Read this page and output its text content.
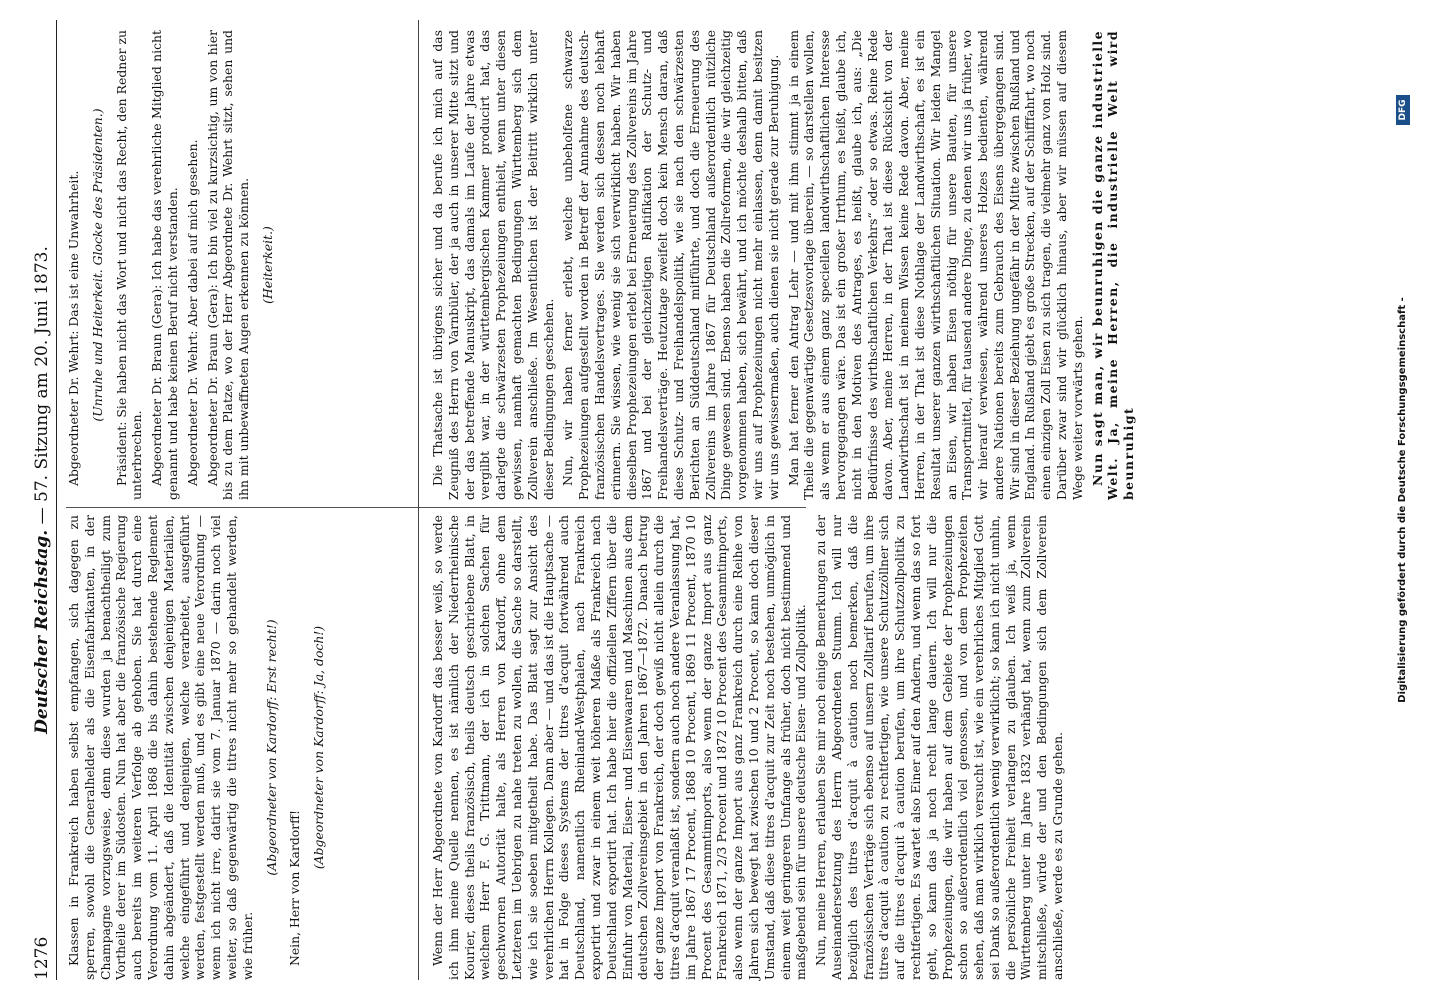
1276
Deutscher Reichstag. — 57. Sitzung am 20. Juni 1873.

Klassen in Frankreich haben selbst empfangen, sich dagegen zu sperren, sowohl die Generalhelder als die Eisenfabrikanten, in der Champagne vorzugsweise, denn diese wurden ja benachtheiligt zum Vortheile derer im Südosten. Nun hat aber die französische Regierung auch bereits im weiteren Verfolge ab gehoben. Sie hat durch eine Verordnung vom 11. April 1868 die bis dahin bestehende Reglement dahin abgeändert, daß die Identität zwischen denjenigen Materialien, welche eingeführt und denjenigen, welche verarbeitet, ausgeführt werden, festgestellt werden muß, und es gibt eine neue Verordnung — wenn ich nicht irre, datirt sie vom 7. Januar 1870 — darin noch viel weiter, so daß gegenwärtig die titres nicht mehr so gehandelt werden, wie früher.

(Abgeordneter von Kardorff: Erst recht!)

Nein, Herr von Kardorff!

(Abgeordneter von Kardorff: Ja, doch!)

Abgeordneter Dr. Wehrt: Das ist eine Unwahrheit. (Unruhe und Heiterkeit. Glocke des Präsidenten.) Präsident: Sie haben nicht das Wort und nicht das Recht, den Redner zu unterbrechen. Abgeordneter Dr. Braun (Gera): Ich habe das verehrliche Mitglied nicht genannt und habe keinen Beruf nicht verstanden. Abgeordneter Dr. Wehrt: Aber dabei auf mich gesehen. Abgeordneter Dr. Braun (Gera): Ich bin viel zu kurzsichtig, um von hier bis zu dem Platze, wo der Herr Abgeordnete Dr. Wehrt sitzt, sehen und ihn mit unbewaffneten Augen erkennen zu können. (Heiterkeit.)

Wenn der Herr Abgeordnete von Kardorff das besser weiß, so werde ich ihm meine Quelle nennen, es ist nämlich der Niederrheinische Kourier, dieses theils französisch, theils deutsch geschriebene Blatt, in welchem Herr F. G. Trittmann, der ich in solchen Sachen für geschwornen Autorität halte, als Herren von Kardorff, ohne dem Letzteren im Uebrigen zu nahe treten zu wollen, die Sache so darstellt, wie ich sie soeben mitgetheilt habe. Das Blatt sagt zur Ansicht des verehrlichen Herrn Kollegen. Dann aber — und das ist die Hauptsache — hat in Folge dieses Systems der titres d'acquit fortwährend auch Deutschland, namentlich Rheinland-Westphalen, nach Frankreich exportirt und zwar in einem weit höheren Maße als Frankreich nach Deutschland exportirt hat. Ich habe hier die offiziellen Ziffern über die Einfuhr von Material, Eisen- und Eisenwaaren und Maschinen aus dem deutschen Zollvereinsgebiet in den Jahren 1867—1872. Danach betrug der ganze Import von Frankreich, der doch gewiß nicht allein durch die titres d'acquit veranlaßt ist, sondern auch noch andere Veranlassung hat, im Jahre 1867 17 Procent, 1868 10 Procent, 1869 11 Procent, 1870 10 Procent des Gesammtimports, also wenn der ganze Import aus ganz Frankreich 1871, 2/3 Procent und 1872 10 Procent des Gesammtimports, also wenn der ganze Import aus ganz Frankreich durch eine Reihe von Jahren sich bewegt hat zwischen 10 und 2 Procent, so kann doch dieser Umstand, daß diese titres d'acquit zur Zeit noch bestehen, unmöglich in einem weit geringeren Umfange als früher, doch nicht bestimmend und maßgebend sein für unsere deutsche Eisen- und Zollpolitik. Nun, meine Herren, erlauben Sie mir noch einige Bemerkungen zu der Auseinandersetzung des Herrn Abgeordneten Stumm. Ich will nur bezüglich des titres d'acquit à caution noch bemerken, daß die französischen Verträge sich ebenso auf unsern Zolltarif berufen, um ihre titres d'acquit à caution zu rechtfertigen, wie unsere Schutzzöllner sich auf die titres d'acquit à caution berufen, um ihre Schutzzollpolitik zu rechtfertigen. Es wartet also Einer auf den Andern, und wenn das so fort geht, so kann das ja noch recht lange dauern. Ich will nur die Prophezeiungen, die wir haben auf dem Gebiete der Prophezeiungen schon so außerordentlich viel genossen, und von dem Prophezeiten sehen, daß man wirklich versucht ist, wie ein verehrliches Mitglied Gott sei Dank so außerordentlich wenig verwirklicht; so kann ich nicht umhin, die persönliche Freiheit verlangen zu glauben. Ich weiß ja, wenn Württemberg unter im Jahre 1832 verhängt hat, wenn zum Zollverein mitschließe, würde der und den Bedingungen sich dem Zollverein anschließe, werde es zu Grunde gehen.

Die Thatsache ist übrigens sicher und da berufe ich mich auf das Zeugniß des Herrn von Varnbüler, der ja auch in unserer Mitte sitzt und der das betreffende Manuskript, das damals im Laufe der Jahre etwas vergilbt war, in der württembergischen Kammer producirt hat, das darlegte die schwärzesten Prophezeiungen enthielt, wenn unter diesen gewissen, namhaft gemachten Bedingungen Württemberg sich dem Zollverein anschließe. Im Wesentlichen ist der Beitritt wirklich unter dieser Bedingungen geschehen. Nun, wir haben ferner erlebt, welche unbeholfene schwarze Prophezeiungen aufgestellt worden in Betreff der Annahme des deutsch-französischen Handelsvertrages. Sie werden sich dessen noch lebhaft erinnern. Sie wissen, wie wenig sie sich verwirklicht haben. Wir haben dieselben Prophezeiungen erlebt bei Erneuerung des Zollvereins im Jahre 1867 und bei der gleichzeitigen Ratifikation der Schutz- und Freihandelsverträge. Heutzutage zweifelt doch kein Mensch daran, daß diese Schutz- und Freihandelspolitik, wie sie nach den schwärzesten Berichten an Süddeutschland mitführte, und doch die Erneuerung des Zollvereins im Jahre 1867 für Deutschland außerordentlich nützliche Dinge gewesen sind. Ebenso haben die Zollreformen, die wir gleichzeitig vorgenommen haben, sich bewährt, und ich möchte deshalb bitten, daß wir uns auf Prophezeiungen nicht mehr einlassen, denn damit besitzen wir uns gewissermaßen, auch dienen sie nicht gerade zur Beruhigung. Man hat ferner den Antrag Lehr — und mit ihm stimmt ja in einem Theile die gegenwärtige Gesetzesvorlage überein, — so darstellen wollen, als wenn er aus einem ganz speciellen landwirthschaftlichen Interesse hervorgegangen wäre. Das ist ein großer Irrthum, es heißt, glaube ich, nicht in den Motiven des Antrages, es heißt, glaube ich, aus: „Die Bedürfnisse des wirthschaftlichen Verkehrs“ oder so etwas. Reine Rede davon. Aber, meine Herren, in der That ist diese Rücksicht von der Landwirthschaft ist in meinem Wissen keine Rede davon. Aber, meine Herren, in der That ist diese Nothlage der Landwirthschaft, es ist ein Resultat unserer ganzen wirthschaftlichen Situation. Wir leiden Mangel an Eisen, wir haben Eisen nöthig für unsere Bauten, für unsere Transportmittel, für tausend andere Dinge, zu denen wir uns ja früher, wo wir hierauf verwiesen, während unseres Holzes bedienten, während andere Nationen bereits zum Gebrauch des Eisens übergegangen sind. Wir sind in dieser Beziehung ungefähr in der Mitte zwischen Rußland und England. In Rußland giebt es große Strecken, auf der Schifffahrt, wo noch einen einzigen Zoll Eisen zu sich tragen, die vielmehr ganz von Holz sind. Darüber zwar sind wir glücklich hinaus, aber wir müssen auf diesem Wege weiter vorwärts gehen. Nun sagt man, wir beunruhigen die ganze industrielle Welt. Ja, meine Herren, die industrielle Welt wird beunruhigt	Digitalisierung gefördert durch die Deutsche Forschungsgemeinschaft -
DFG
